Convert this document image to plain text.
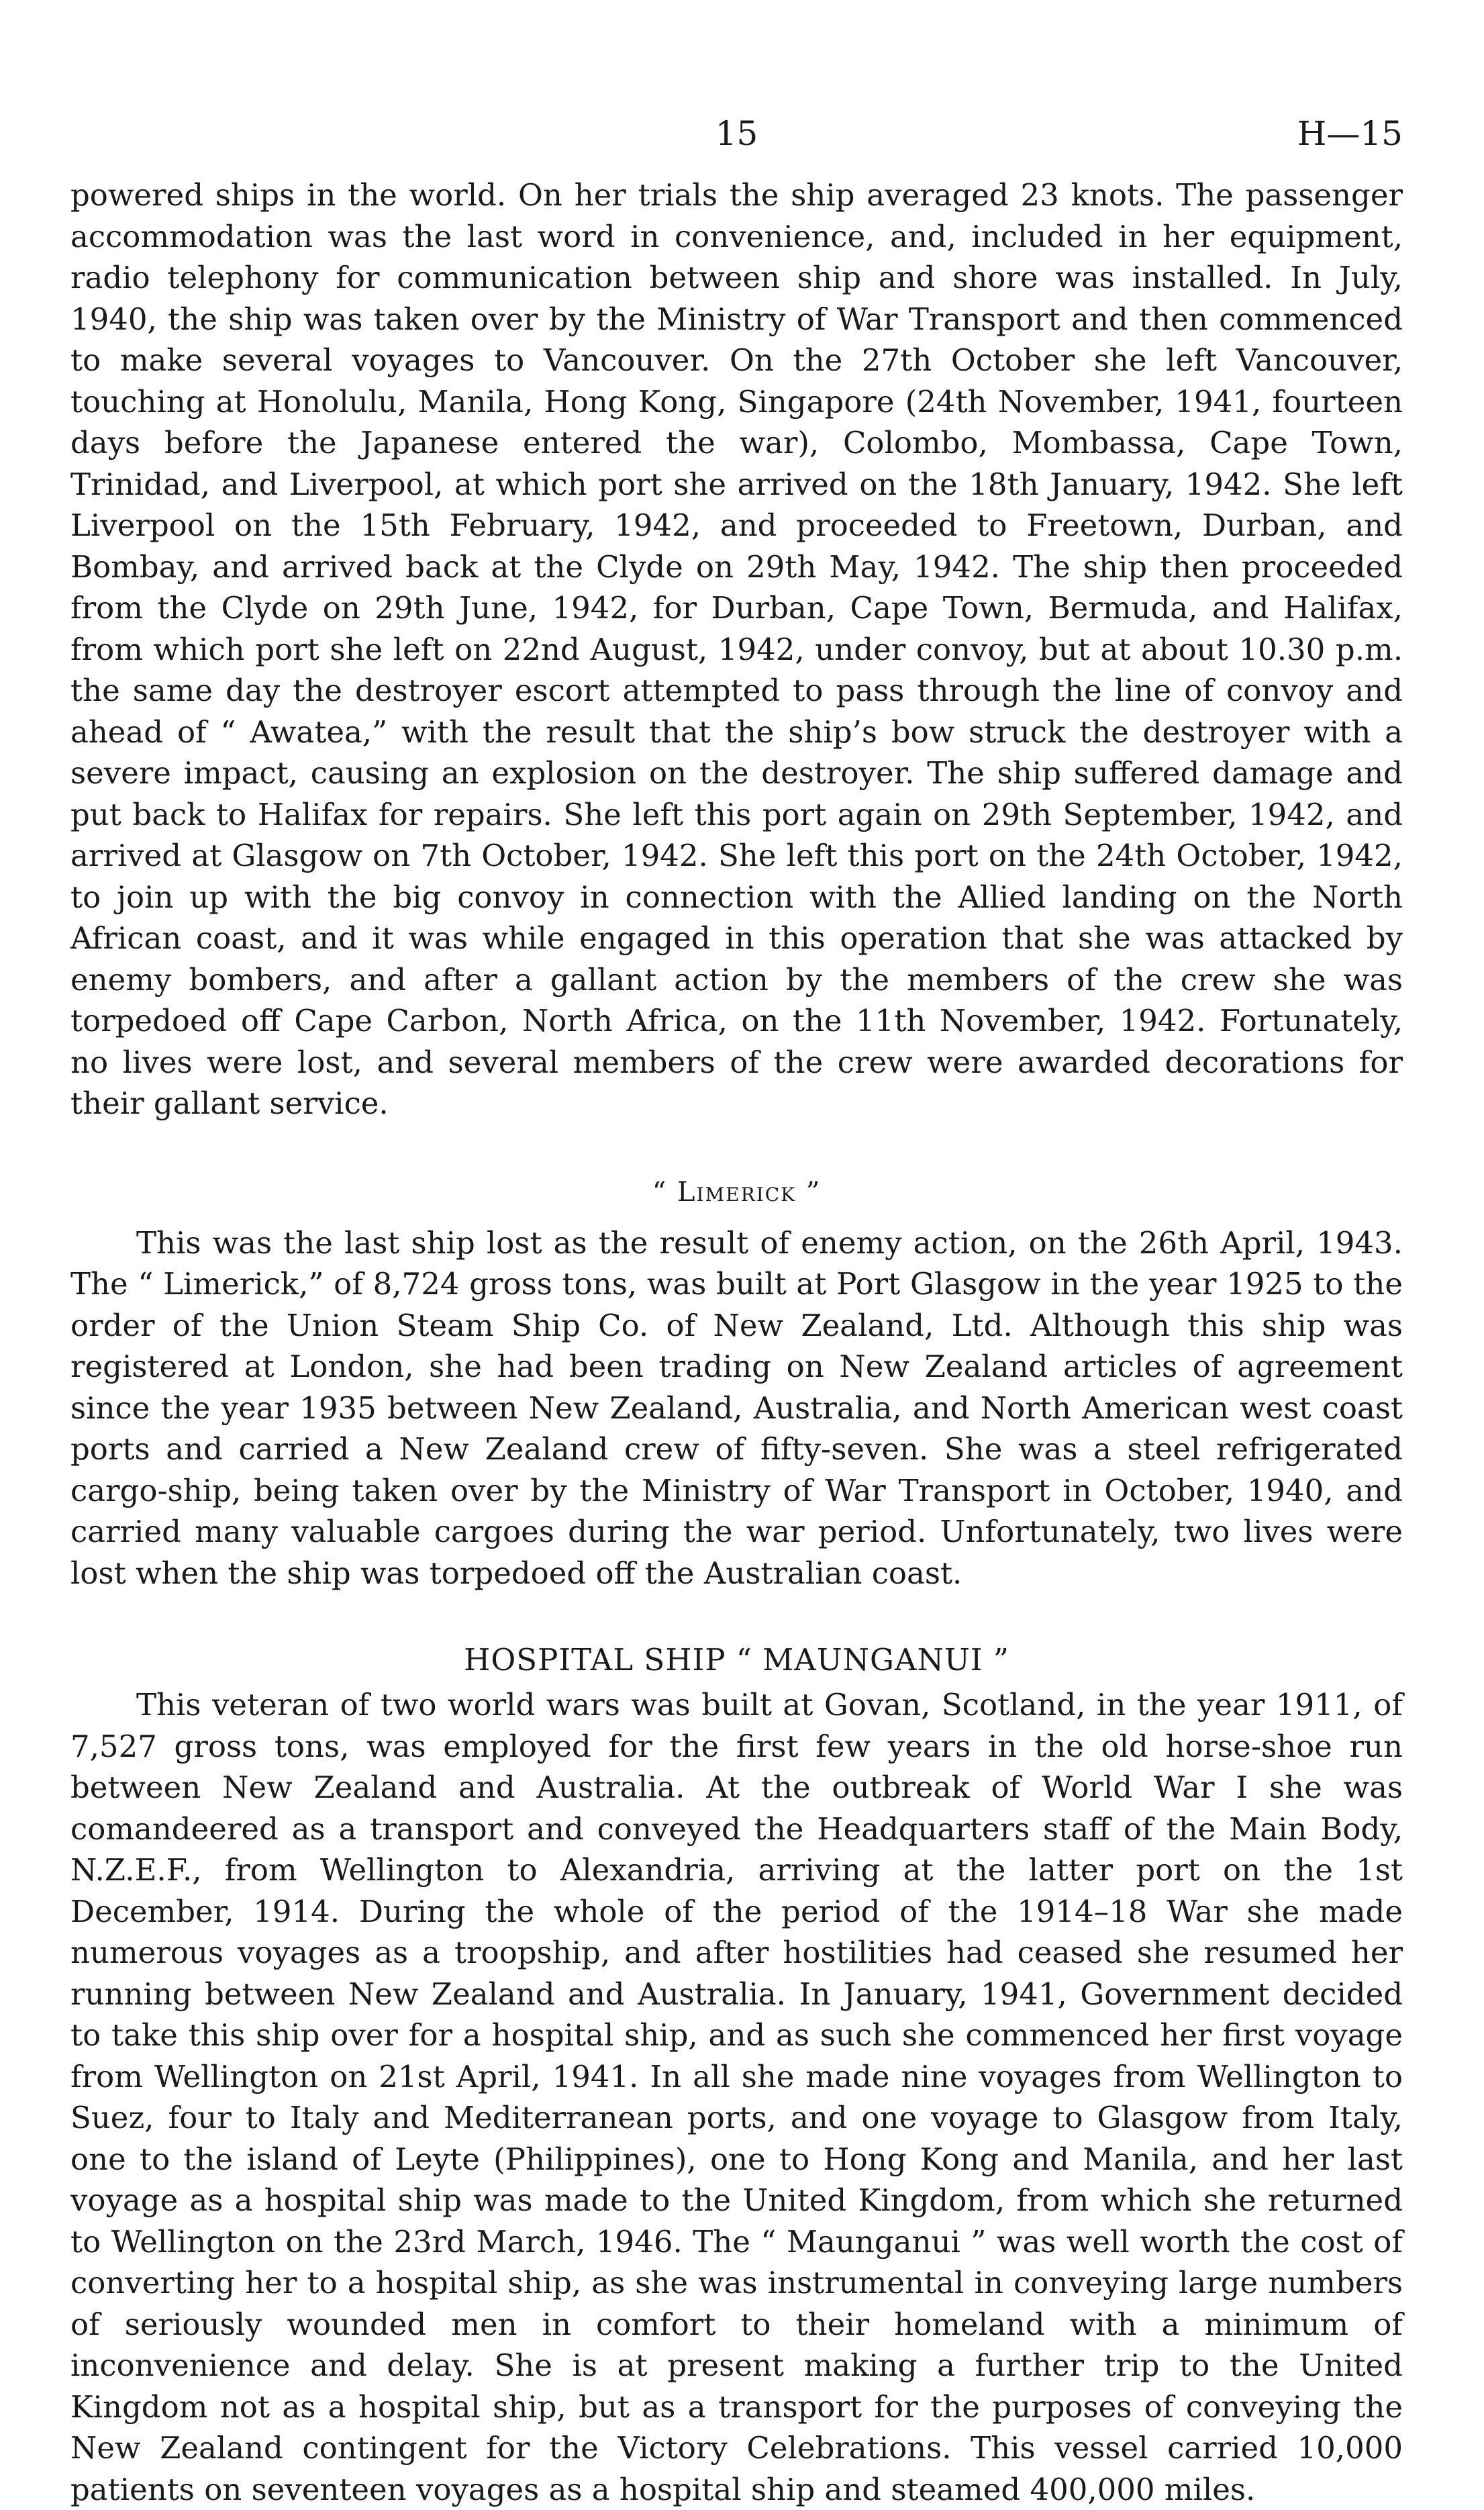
15	H—15

powered ships in the world. On her trials the ship averaged 23 knots. The passenger accommodation was the last word in convenience, and, included in her equipment, radio telephony for communication between ship and shore was installed. In July, 1940, the ship was taken over by the Ministry of War Transport and then commenced to make several voyages to Vancouver. On the 27th October she left Vancouver, touching at Honolulu, Manila, Hong Kong, Singapore (24th November, 1941, fourteen days before the Japanese entered the war), Colombo, Mombassa, Cape Town, Trinidad, and Liverpool, at which port she arrived on the 18th January, 1942. She left Liverpool on the 15th February, 1942, and proceeded to Freetown, Durban, and Bombay, and arrived back at the Clyde on 29th May, 1942. The ship then proceeded from the Clyde on 29th June, 1942, for Durban, Cape Town, Bermuda, and Halifax, from which port she left on 22nd August, 1942, under convoy, but at about 10.30 p.m. the same day the destroyer escort attempted to pass through the line of convoy and ahead of “ Awatea,” with the result that the ship’s bow struck the destroyer with a severe impact, causing an explosion on the destroyer. The ship suffered damage and put back to Halifax for repairs. She left this port again on 29th September, 1942, and arrived at Glasgow on 7th October, 1942. She left this port on the 24th October, 1942, to join up with the big convoy in connection with the Allied landing on the North African coast, and it was while engaged in this operation that she was attacked by enemy bombers, and after a gallant action by the members of the crew she was torpedoed off Cape Carbon, North Africa, on the 11th November, 1942. Fortunately, no lives were lost, and several members of the crew were awarded decorations for their gallant service.

“ Limerick ”

This was the last ship lost as the result of enemy action, on the 26th April, 1943. The “ Limerick,” of 8,724 gross tons, was built at Port Glasgow in the year 1925 to the order of the Union Steam Ship Co. of New Zealand, Ltd. Although this ship was registered at London, she had been trading on New Zealand articles of agreement since the year 1935 between New Zealand, Australia, and North American west coast ports and carried a New Zealand crew of fifty-seven. She was a steel refrigerated cargo-ship, being taken over by the Ministry of War Transport in October, 1940, and carried many valuable cargoes during the war period. Unfortunately, two lives were lost when the ship was torpedoed off the Australian coast.

HOSPITAL SHIP “ MAUNGANUI ”

This veteran of two world wars was built at Govan, Scotland, in the year 1911, of 7,527 gross tons, was employed for the first few years in the old horse-shoe run between New Zealand and Australia. At the outbreak of World War I she was comandeered as a transport and conveyed the Headquarters staff of the Main Body, N.Z.E.F., from Wellington to Alexandria, arriving at the latter port on the 1st December, 1914. During the whole of the period of the 1914–18 War she made numerous voyages as a troopship, and after hostilities had ceased she resumed her running between New Zealand and Australia. In January, 1941, Government decided to take this ship over for a hospital ship, and as such she commenced her first voyage from Wellington on 21st April, 1941. In all she made nine voyages from Wellington to Suez, four to Italy and Mediterranean ports, and one voyage to Glasgow from Italy, one to the island of Leyte (Philippines), one to Hong Kong and Manila, and her last voyage as a hospital ship was made to the United Kingdom, from which she returned to Wellington on the 23rd March, 1946. The “ Maunganui ” was well worth the cost of converting her to a hospital ship, as she was instrumental in conveying large numbers of seriously wounded men in comfort to their homeland with a minimum of inconvenience and delay. She is at present making a further trip to the United Kingdom not as a hospital ship, but as a transport for the purposes of conveying the New Zealand contingent for the Victory Celebrations. This vessel carried 10,000 patients on seventeen voyages as a hospital ship and steamed 400,000 miles.
